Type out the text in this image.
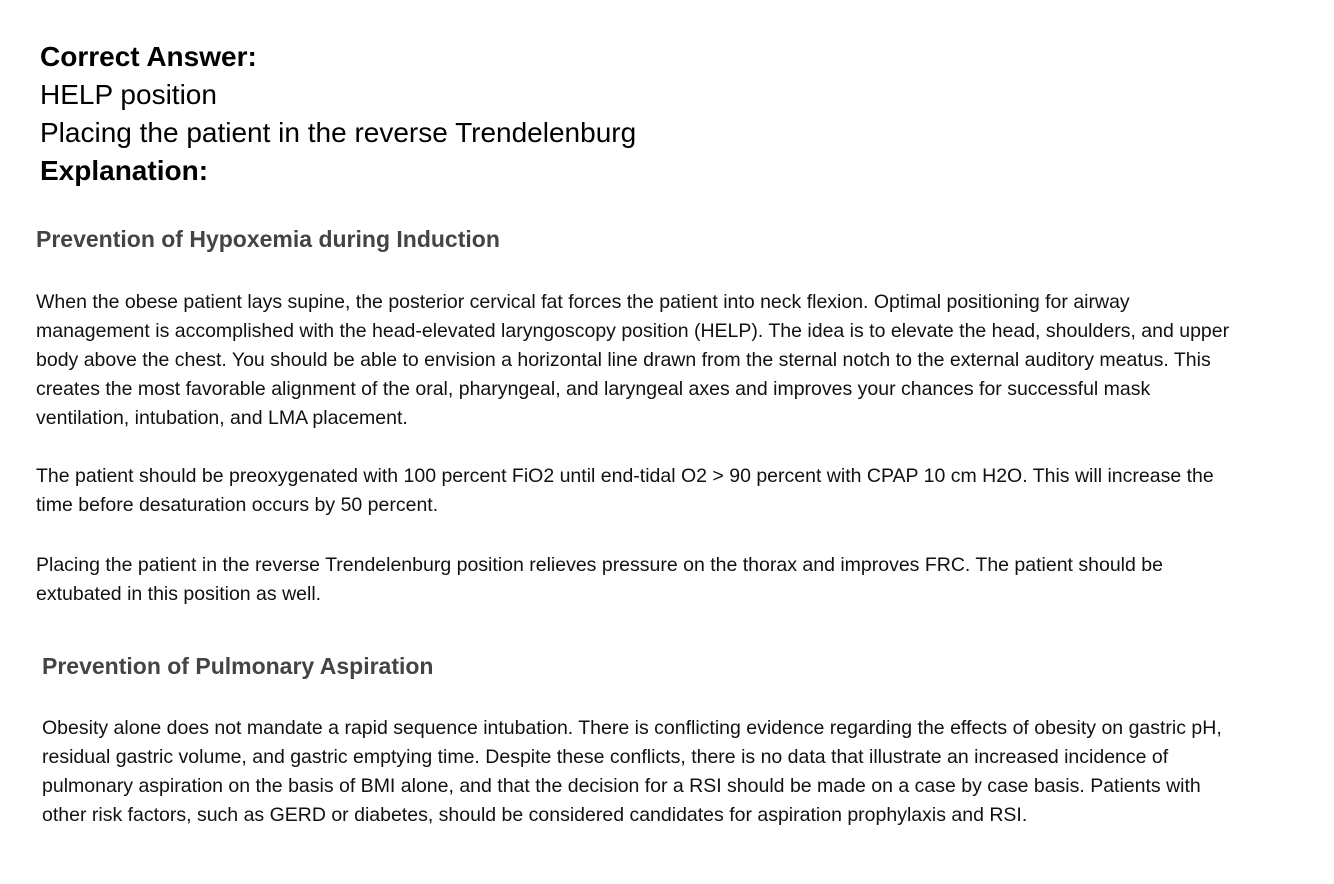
Correct Answer:
HELP position
Placing the patient in the reverse Trendelenburg
Explanation:
Prevention of Hypoxemia during Induction
When the obese patient lays supine, the posterior cervical fat forces the patient into neck flexion. Optimal positioning for airway
management is accomplished with the head-elevated laryngoscopy position (HELP). The idea is to elevate the head, shoulders, and upper
body above the chest. You should be able to envision a horizontal line drawn from the sternal notch to the external auditory meatus. This
creates the most favorable alignment of the oral, pharyngeal, and laryngeal axes and improves your chances for successful mask
ventilation, intubation, and LMA placement.
The patient should be preoxygenated with 100 percent FiO2 until end-tidal O2 > 90 percent with CPAP 10 cm H2O. This will increase the
time before desaturation occurs by 50 percent.
Placing the patient in the reverse Trendelenburg position relieves pressure on the thorax and improves FRC. The patient should be
extubated in this position as well.
Prevention of Pulmonary Aspiration
Obesity alone does not mandate a rapid sequence intubation. There is conflicting evidence regarding the effects of obesity on gastric pH,
residual gastric volume, and gastric emptying time. Despite these conflicts, there is no data that illustrate an increased incidence of
pulmonary aspiration on the basis of BMI alone, and that the decision for a RSI should be made on a case by case basis. Patients with
other risk factors, such as GERD or diabetes, should be considered candidates for aspiration prophylaxis and RSI.
